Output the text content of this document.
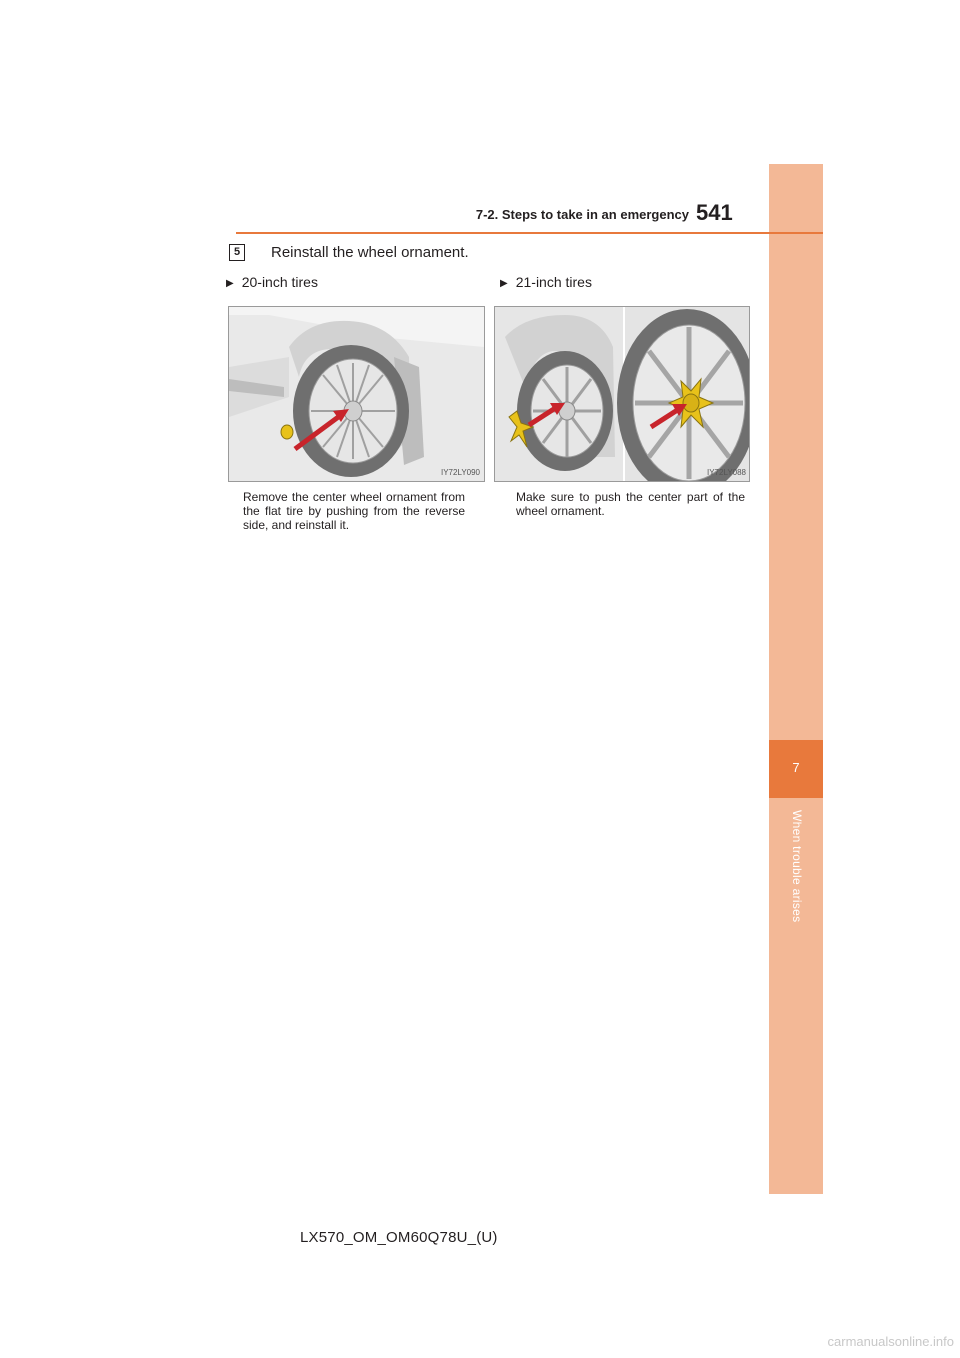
7
When trouble arises
7-2. Steps to take in an emergency 541
5	Reinstall the wheel ornament.
▶ 20-inch tires	▶ 21-inch tires
IY72LY090	IY72LY088
Remove the center wheel ornament from the flat tire by pushing from the reverse side, and reinstall it.
Make sure to push the center part of the wheel ornament.
LX570_OM_OM60Q78U_(U)
carmanualsonline.info
